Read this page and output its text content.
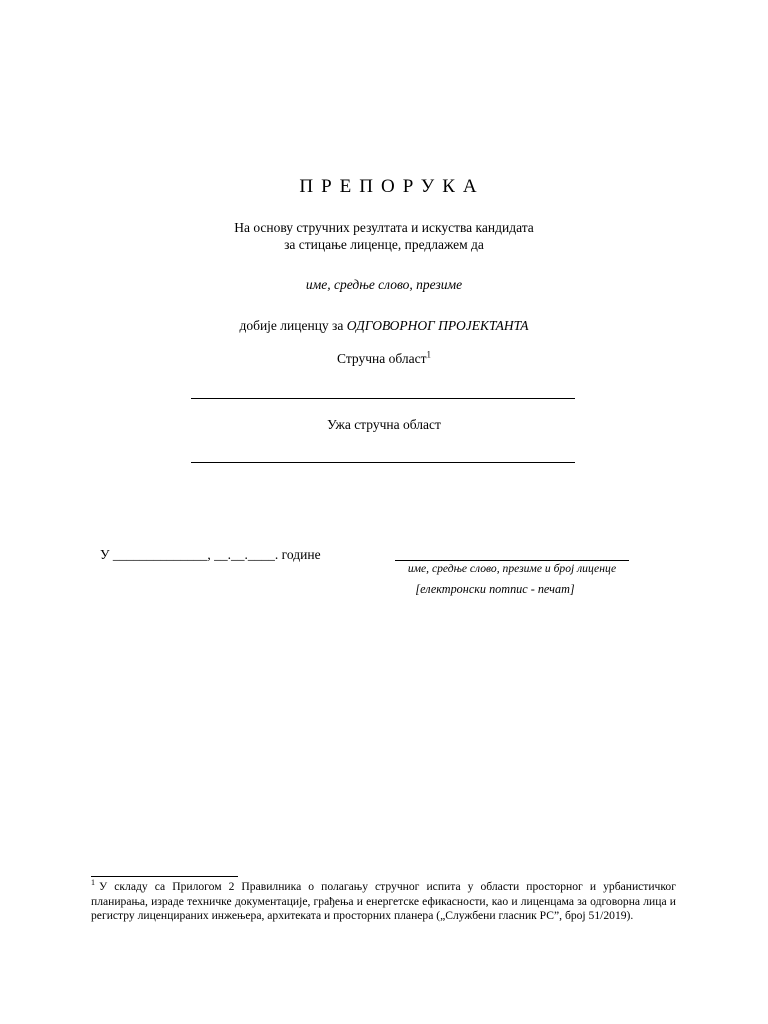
ПРЕПОРУКА
На основу стручних резултата и искуства кандидата
за стицање лиценце, предлажем да
име, средње слово, презиме
добије лиценцу за ОДГОВОРНОГ ПРОЈЕКТАНТА
Стручна област$^1$
Ужа стручна област
У ______________, __.__.____. године
име, средње слово, презиме и број лиценце
[електронски потпис - печат]
$^1$ У складу са Прилогом 2 Правилника о полагању стручног испита у области просторног и урбанистичког планирања, израде техничке документације, грађења и енергетске ефикасности, као и лиценцама за одговорна лица и регистру лиценцираних инжењера, архитеката и просторних планера („Службени гласник РС”, број 51/2019).
